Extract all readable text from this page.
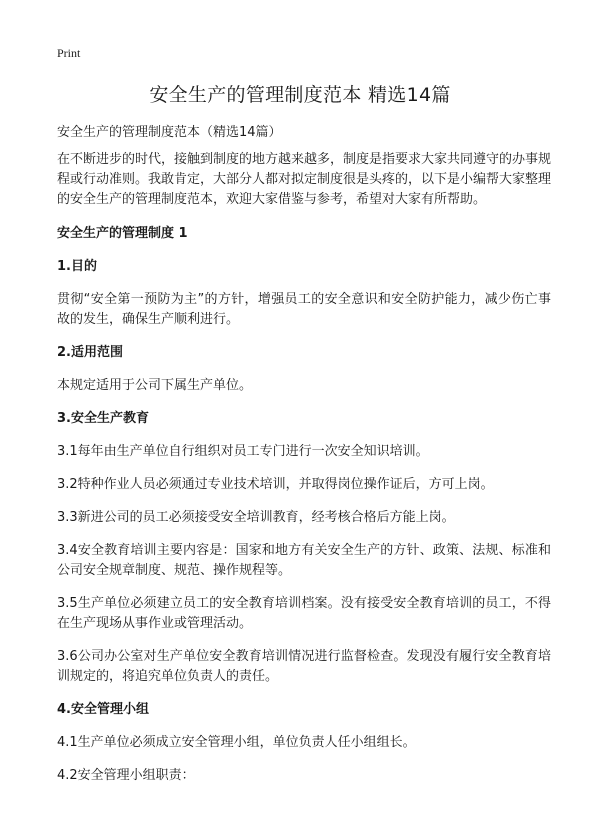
Print
安全生产的管理制度范本 精选14篇

安全生产的管理制度范本（精选14篇）

在不断进步的时代，接触到制度的地方越来越多，制度是指要求大家共同遵守的办事规程或行动准则。我敢肯定，大部分人都对拟定制度很是头疼的，以下是小编帮大家整理的安全生产的管理制度范本，欢迎大家借鉴与参考，希望对大家有所帮助。

安全生产的管理制度 1

1.目的

贯彻“安全第一预防为主”的方针，增强员工的安全意识和安全防护能力，减少伤亡事故的发生，确保生产顺利进行。

2.适用范围

本规定适用于公司下属生产单位。

3.安全生产教育

3.1每年由生产单位自行组织对员工专门进行一次安全知识培训。

3.2特种作业人员必须通过专业技术培训，并取得岗位操作证后，方可上岗。

3.3新进公司的员工必须接受安全培训教育，经考核合格后方能上岗。

3.4安全教育培训主要内容是：国家和地方有关安全生产的方针、政策、法规、标准和公司安全规章制度、规范、操作规程等。

3.5生产单位必须建立员工的安全教育培训档案。没有接受安全教育培训的员工，不得在生产现场从事作业或管理活动。

3.6公司办公室对生产单位安全教育培训情况进行监督检查。发现没有履行安全教育培训规定的，将追究单位负责人的责任。

4.安全管理小组

4.1生产单位必须成立安全管理小组，单位负责人任小组组长。

4.2安全管理小组职责：
